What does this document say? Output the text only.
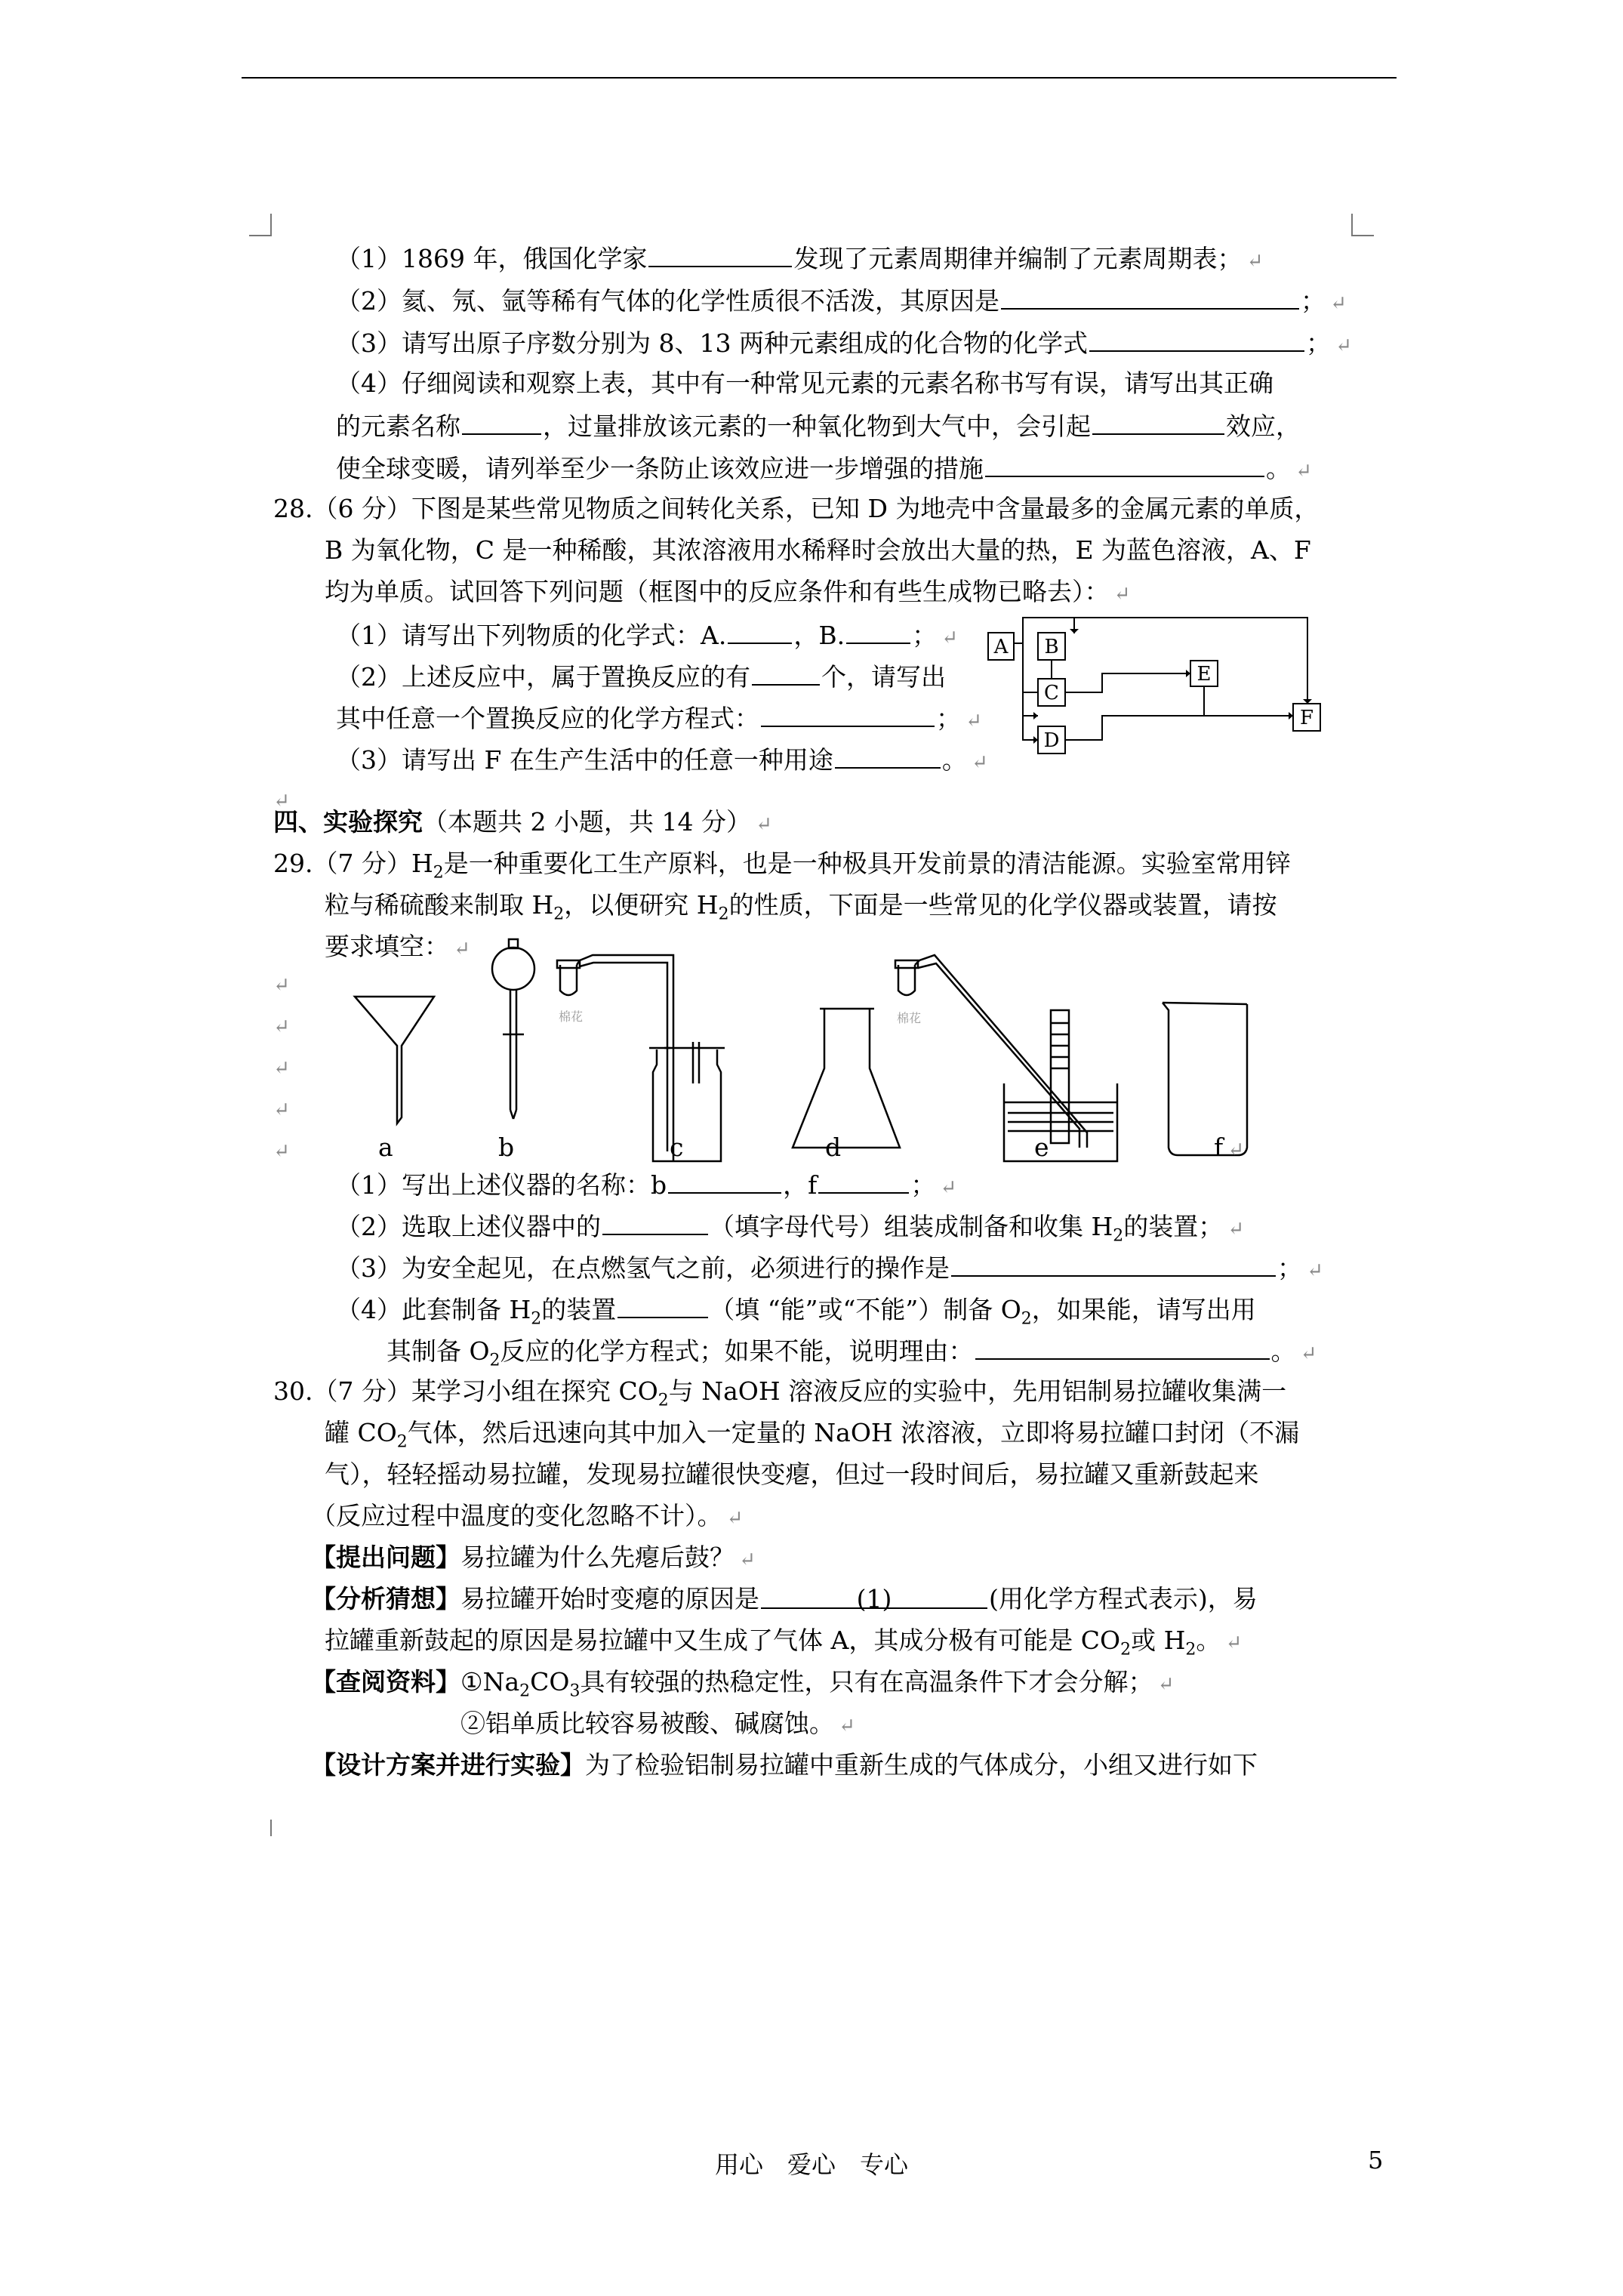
（1）1869 年，俄国化学家	发现了元素周期律并编制了元素周期表； ↵
（2）氦、氖、氩等稀有气体的化学性质很不活泼，其原因是	； ↵
（3）请写出原子序数分别为 8、13 两种元素组成的化合物的化学式	； ↵
（4）仔细阅读和观察上表，其中有一种常见元素的元素名称书写有误，请写出其正确
的元素名称	，过量排放该元素的一种氧化物到大气中，会引起	效应，
使全球变暖，请列举至少一条防止该效应进一步增强的措施	。 ↵
28.（6 分）下图是某些常见物质之间转化关系，已知 D 为地壳中含量最多的金属元素的单质，
B 为氧化物，C 是一种稀酸，其浓溶液用水稀释时会放出大量的热，E 为蓝色溶液，A、F
均为单质。试回答下列问题（框图中的反应条件和有些生成物已略去）： ↵
（1）请写出下列物质的化学式：A.	，B.	； ↵
（2）上述反应中，属于置换反应的有	个，请写出
其中任意一个置换反应的化学方程式：	； ↵
（3）请写出 F 在生产生活中的任意一种用途	。 ↵
↵
A B
C
D
E
F
四、实验探究（本题共 2 小题，共 14 分） ↵
29.（7 分）$H_2$是一种重要化工生产原料，也是一种极具开发前景的清洁能源。实验室常用锌
粒与稀硫酸来制取 $H_2$，以便研究 $H_2$的性质，下面是一些常见的化学仪器或装置，请按
要求填空： ↵
↵
↵
↵
↵
↵
棉花	棉花
a	b	c	d	e	f ↵
（1）写出上述仪器的名称：b	，f	； ↵
（2）选取上述仪器中的	（填字母代号）组装成制备和收集 $H_2$的装置； ↵
（3）为安全起见，在点燃氢气之前，必须进行的操作是	； ↵
（4）此套制备 $H_2$的装置	（填 “能”或“不能”）制备 $O_2$，如果能，请写出用
其制备 $O_2$反应的化学方程式；如果不能，说明理由：	。 ↵
30.（7 分）某学习小组在探究 $CO_2$与 NaOH 溶液反应的实验中，先用铝制易拉罐收集满一
罐 $CO_2$气体，然后迅速向其中加入一定量的 NaOH 浓溶液，立即将易拉罐口封闭（不漏
气），轻轻摇动易拉罐，发现易拉罐很快变瘪，但过一段时间后，易拉罐又重新鼓起来
（反应过程中温度的变化忽略不计）。 ↵
【提出问题】易拉罐为什么先瘪后鼓？ ↵
【分析猜想】易拉罐开始时变瘪的原因是	(1)	(用化学方程式表示)，易
拉罐重新鼓起的原因是易拉罐中又生成了气体 A，其成分极有可能是 $CO_2$或 $H_2$。 ↵
【查阅资料】$①Na_2CO_3$具有较强的热稳定性，只有在高温条件下才会分解； ↵
②铝单质比较容易被酸、碱腐蚀。 ↵
【设计方案并进行实验】为了检验铝制易拉罐中重新生成的气体成分，小组又进行如下
用心　爱心　专心	5
